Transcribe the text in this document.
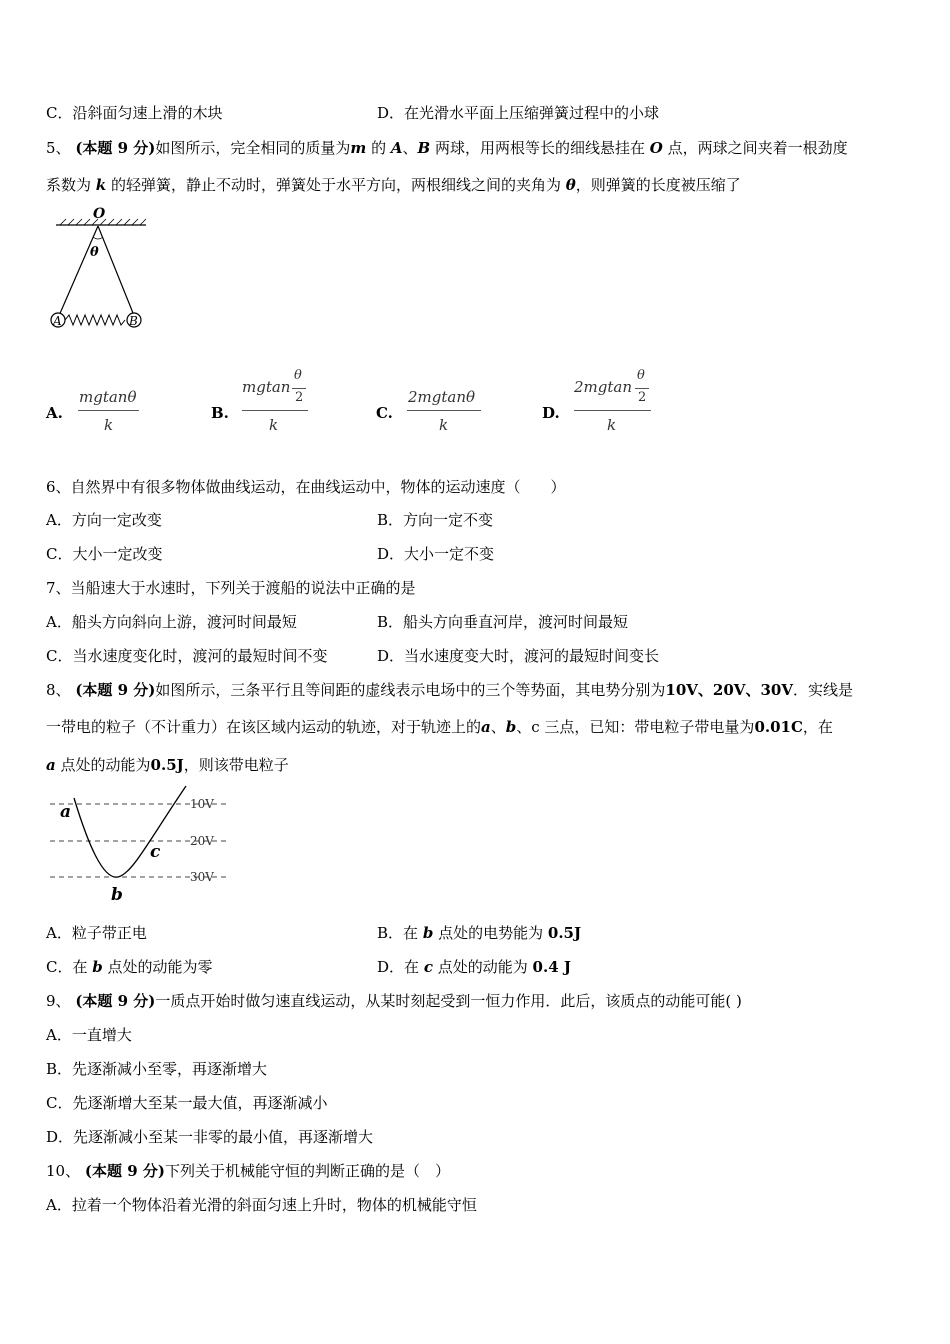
C．沿斜面匀速上滑的木块	D．在光滑水平面上压缩弹簧过程中的小球
5、 (本题 9 分)如图所示，完全相同的质量为m 的 A、B 两球，用两根等长的细线悬挂在 O 点，两球之间夹着一根劲度
系数为 k 的轻弹簧，静止不动时，弹簧处于水平方向，两根细线之间的夹角为 θ，则弹簧的长度被压缩了
O
θ
A	B
A.
mgtanθ
k
B.
mgtan
θ
2
k
C.
2mgtanθ
k
D.
2mgtan
θ
2
k
6、自然界中有很多物体做曲线运动，在曲线运动中，物体的运动速度（　　）
A．方向一定改变	B．方向一定不变
C．大小一定改变	D．大小一定不变
7、当船速大于水速时，下列关于渡船的说法中正确的是
A．船头方向斜向上游，渡河时间最短	B．船头方向垂直河岸，渡河时间最短
C．当水速度变化时，渡河的最短时间不变	D．当水速度变大时，渡河的最短时间变长
8、 (本题 9 分)如图所示，三条平行且等间距的虚线表示电场中的三个等势面，其电势分别为10V、20V、30V．实线是
一带电的粒子（不计重力）在该区域内运动的轨迹，对于轨迹上的a、b、c 三点，已知：带电粒子带电量为0.01C，在
a 点处的动能为0.5J，则该带电粒子
10V
20V
30V
a
c
b
A．粒子带正电	B．在 b 点处的电势能为 0.5J
C．在 b 点处的动能为零	D．在 c 点处的动能为 0.4 J
9、 (本题 9 分)一质点开始时做匀速直线运动，从某时刻起受到一恒力作用．此后，该质点的动能可能( )
A．一直增大
B．先逐渐减小至零，再逐渐增大
C．先逐渐增大至某一最大值，再逐渐减小
D．先逐渐减小至某一非零的最小值，再逐渐增大
10、 (本题 9 分)下列关于机械能守恒的判断正确的是（　）
A．拉着一个物体沿着光滑的斜面匀速上升时，物体的机械能守恒
